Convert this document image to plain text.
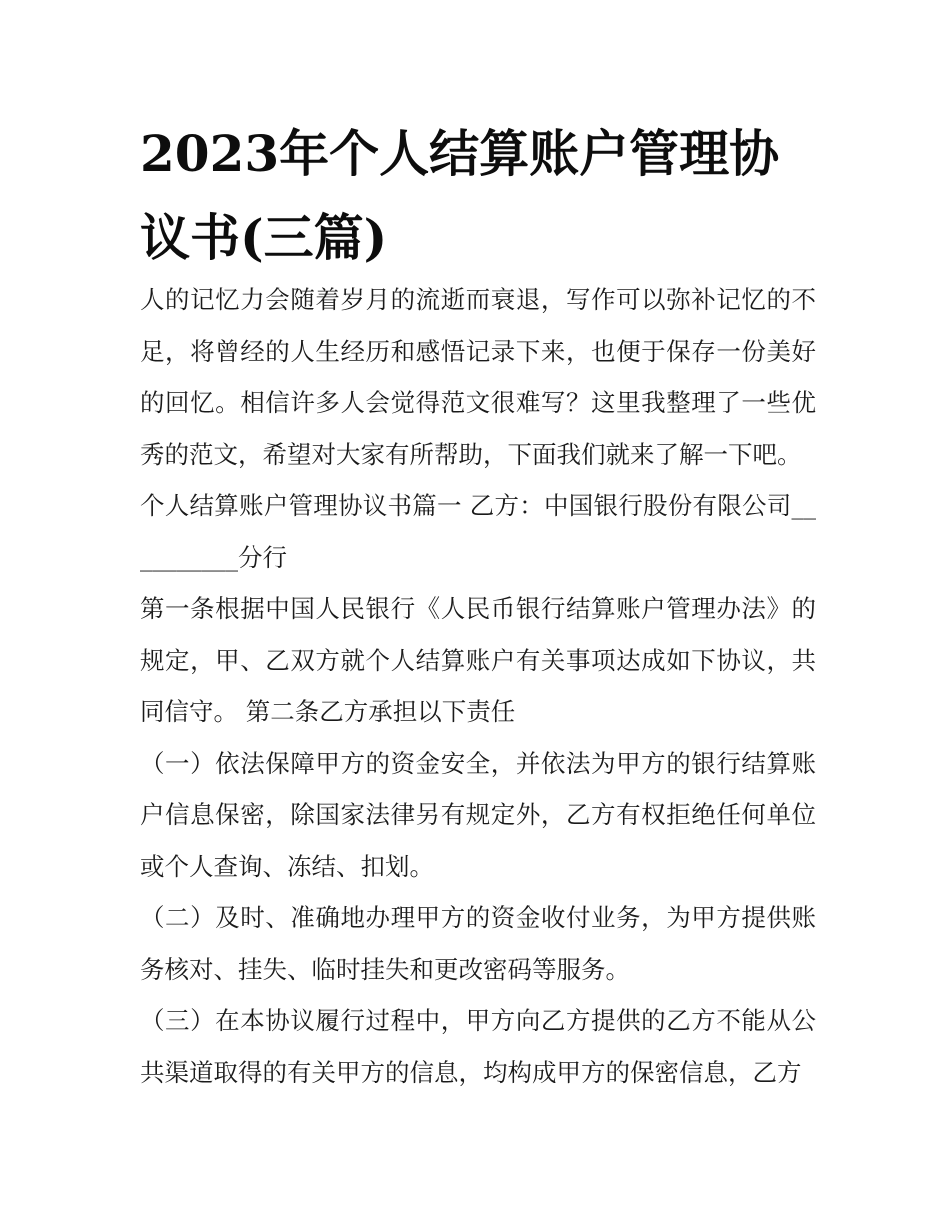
2023年个人结算账户管理协议书(三篇)

人的记忆力会随着岁月的流逝而衰退，写作可以弥补记忆的不足，将曾经的人生经历和感悟记录下来，也便于保存一份美好的回忆。相信许多人会觉得范文很难写？这里我整理了一些优秀的范文，希望对大家有所帮助，下面我们就来了解一下吧。

个人结算账户管理协议书篇一 乙方：中国银行股份有限公司__________分行

第一条根据中国人民银行《人民币银行结算账户管理办法》的规定，甲、乙双方就个人结算账户有关事项达成如下协议，共同信守。 第二条乙方承担以下责任

（一）依法保障甲方的资金安全，并依法为甲方的银行结算账户信息保密，除国家法律另有规定外，乙方有权拒绝任何单位或个人查询、冻结、扣划。

（二）及时、准确地办理甲方的资金收付业务，为甲方提供账务核对、挂失、临时挂失和更改密码等服务。

（三）在本协议履行过程中，甲方向乙方提供的乙方不能从公共渠道取得的有关甲方的信息，均构成甲方的保密信息，乙方
